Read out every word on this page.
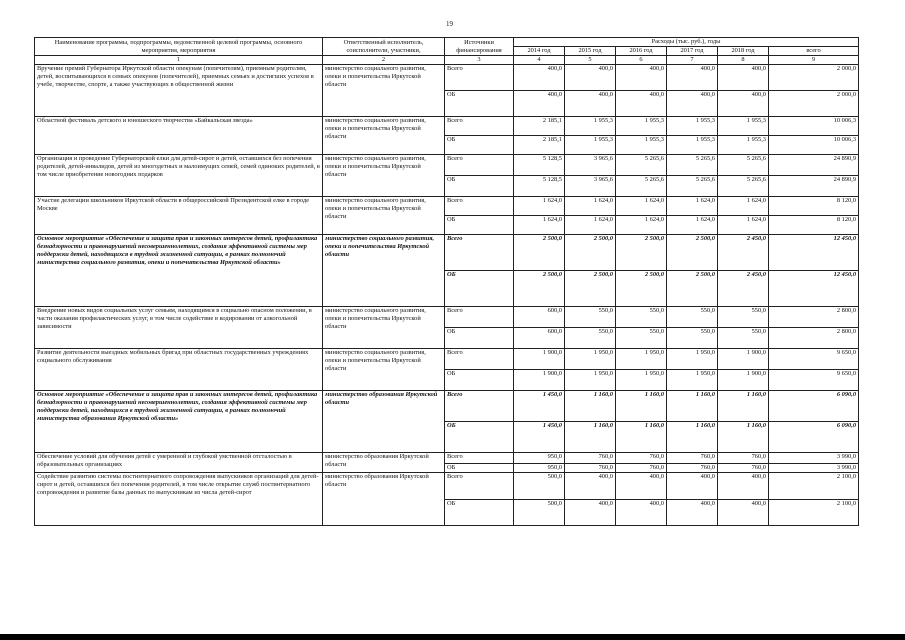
19
Наименование программы, подпрограммы, ведомственной целевой программы, основного мероприятия, мероприятия	Ответственный исполнитель, соисполнители, участники,	Источники финансирования	Расходы (тыс. руб.), годы					
			2014 год	2015 год	2016 год	2017 год	2018 год	всего
1	2	3	4	5	6	7	8	9
Вручение премий Губернатора Иркутской области опекунам (попечителям), приемным родителям, детей, воспитывающихся в семьях опекунов (попечителей), приемных семьях и достигших успехов в учебе, творчестве, спорте, а также участвующих в общественной жизни	министерство социального развития, опеки и попечительства Иркутской области	Всего	400,0	400,0	400,0	400,0	400,0	2 000,0
		ОБ	400,0	400,0	400,0	400,0	400,0	2 000,0
Областной фестиваль детского и юношеского творчества «Байкальская звезда»	министерство социального развития, опеки и попечительства Иркутской области	Всего	2 185,1	1 955,3	1 955,3	1 955,3	1 955,3	10 006,3
		ОБ	2 185,1	1 955,3	1 955,3	1 955,3	1 955,3	10 006,3
Организация и проведение Губернаторской елки для детей-сирот и детей, оставшихся без попечения родителей, детей-инвалидов, детей из многодетных и малоимущих семей, семей одиноких родителей, в том числе приобретение новогодних подарков	министерство социального развития, опеки и попечительства Иркутской области	Всего	5 128,5	3 965,6	5 265,6	5 265,6	5 265,6	24 890,9
		ОБ	5 128,5	3 965,6	5 265,6	5 265,6	5 265,6	24 890,9
Участие делегации школьников Иркутской области в общероссийской Президентской елке в городе Москве	министерство социального развития, опеки и попечительства Иркутской области	Всего	1 624,0	1 624,0	1 624,0	1 624,0	1 624,0	8 120,0
		ОБ	1 624,0	1 624,0	1 624,0	1 624,0	1 624,0	8 120,0
Основное мероприятие «Обеспечение и защита прав и законных интересов детей, профилактика безнадзорности и правонарушений несовершеннолетних, создания эффективной системы мер поддержки детей, находящихся в трудной жизненной ситуации, в рамках полномочий министерства социального развития, опеки и попечительства Иркутской области»	министерство социального развития, опеки и попечительства Иркутской области	Всего	2 500,0	2 500,0	2 500,0	2 500,0	2 450,0	12 450,0
		ОБ	2 500,0	2 500,0	2 500,0	2 500,0	2 450,0	12 450,0
Внедрение новых видов социальных услуг семьям, находящимся в социально опасном положении, в части оказания профилактических услуг, в том числе содействие в кодировании от алкогольной зависимости	министерство социального развития, опеки и попечительства Иркутской области	Всего	600,0	550,0	550,0	550,0	550,0	2 800,0
		ОБ	600,0	550,0	550,0	550,0	550,0	2 800,0
Развитие деятельности выездных мобильных бригад при областных государственных учреждениях социального обслуживания	министерство социального развития, опеки и попечительства Иркутской области	Всего	1 900,0	1 950,0	1 950,0	1 950,0	1 900,0	9 650,0
		ОБ	1 900,0	1 950,0	1 950,0	1 950,0	1 900,0	9 650,0
Основное мероприятие «Обеспечение и защита прав и законных интересов детей, профилактика безнадзорности и правонарушений несовершеннолетних, создания эффективной системы мер поддержки детей, находящихся в трудной жизненной ситуации, в рамках полномочий министерства образования Иркутской области»	министерство образования Иркутской области	Всего	1 450,0	1 160,0	1 160,0	1 160,0	1 160,0	6 090,0
		ОБ	1 450,0	1 160,0	1 160,0	1 160,0	1 160,0	6 090,0
Обеспечение условий для обучения детей с умеренной и глубокой умственной отсталостью в образовательных организациях	министерство образования Иркутской области	Всего	950,0	760,0	760,0	760,0	760,0	3 990,0
		ОБ	950,0	760,0	760,0	760,0	760,0	3 990,0
Содействие развитию системы постинтернатного сопровождения выпускников организаций для детей-сирот и детей, оставшихся без попечения родителей, в том числе открытие служб постинтернатного сопровождения и развитие базы данных по выпускникам из числа детей-сирот	министерство образования Иркутской области	Всего	500,0	400,0	400,0	400,0	400,0	2 100,0
		ОБ	500,0	400,0	400,0	400,0	400,0	2 100,0
